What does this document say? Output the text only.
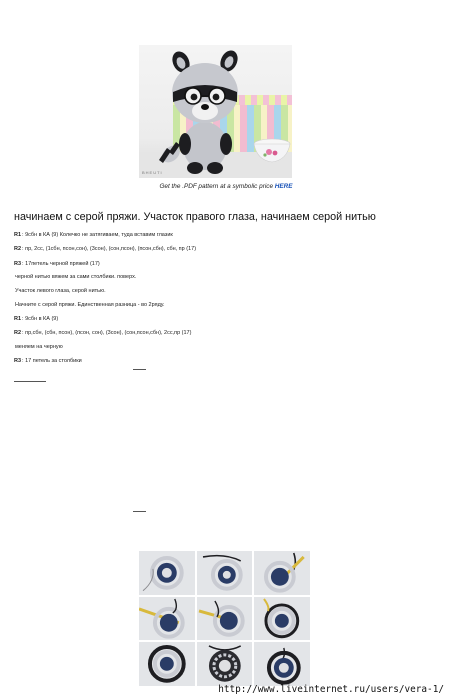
BHEUTI
Get the .PDF pattern at a symbolic price HERE
начинаем с серой пряжи. Участок правого глаза, начинаем серой нитью
R1: 9сбн в КА (9) Колечко не затягиваем, туда вставим глазик
R2: пр, 2сс, (1сбн, псон,сон), (3сон), (сон,псон), (псон,сбн), сбн, пр (17)
R3: 17петель черной пряжей (17)
черной нитью вяжем за сами столбики. поверх.
Участок левого глаза, серой нитью.
Начните с серой пряжи. Единственная разница - во 2ряду.
R1: 9сбн в КА (9)
R2: пр,сбн, (сбн, псон), (псон, сон), (3сон), (сон,псон,сбн), 2сс,пр (17)
меняем на черную
R3: 17 петель за столбики
http://www.liveinternet.ru/users/vera-1/
